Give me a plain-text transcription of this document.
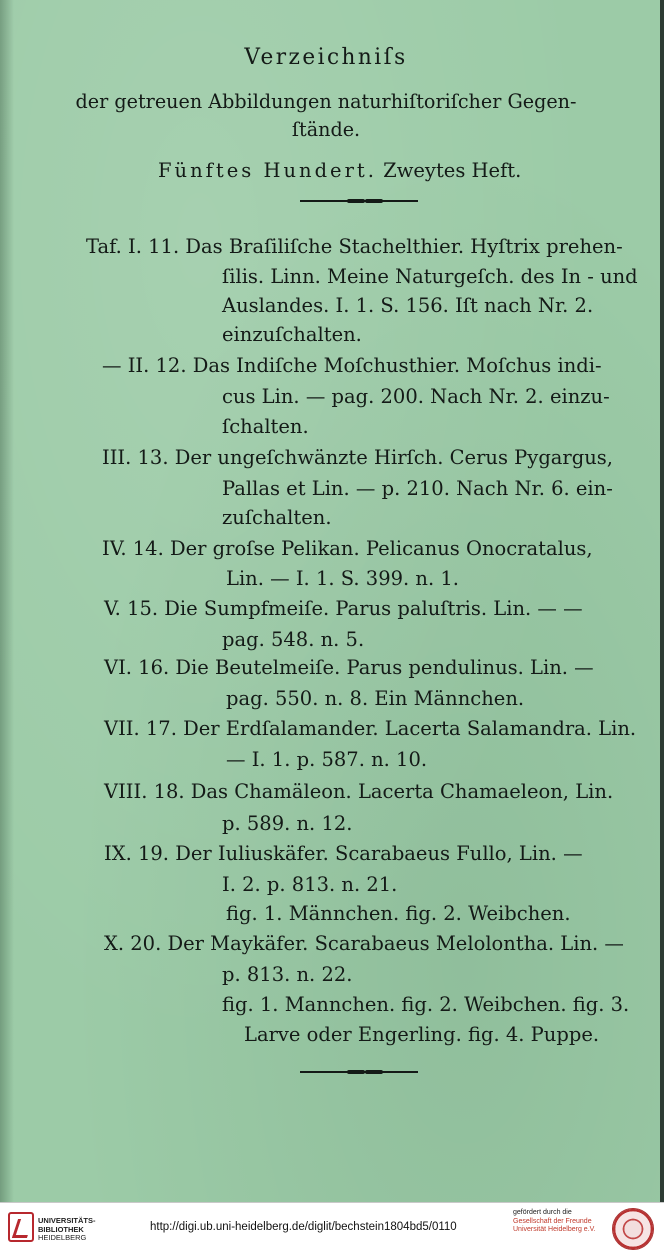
Verzeichniſs
der getreuen Abbildungen naturhiſtoriſcher Gegen-
ſtände.
Fünftes Hundert. Zweytes Heft.
Taf. I. 11. Das Braſiliſche Stachelthier. Hyſtrix prehen-
ſilis. Linn. Meine Naturgeſch. des In - und
Auslandes. I. 1. S. 156. Iſt nach Nr. 2.
einzuſchalten.
— II. 12. Das Indiſche Moſchusthier. Moſchus indi-
cus Lin. — pag. 200. Nach Nr. 2. einzu-
ſchalten.
III. 13. Der ungeſchwänzte Hirſch. Cerus Pygargus,
Pallas et Lin. — p. 210. Nach Nr. 6. ein-
zuſchalten.
IV. 14. Der groſse Pelikan. Pelicanus Onocratalus,
Lin. — I. 1. S. 399. n. 1.
V. 15. Die Sumpfmeiſe. Parus paluſtris. Lin. — —
pag. 548. n. 5.
VI. 16. Die Beutelmeiſe. Parus pendulinus. Lin. —
pag. 550. n. 8. Ein Männchen.
VII. 17. Der Erdſalamander. Lacerta Salamandra. Lin.
— I. 1. p. 587. n. 10.
VIII. 18. Das Chamäleon. Lacerta Chamaeleon, Lin.
p. 589. n. 12.
IX. 19. Der Iuliuskäfer. Scarabaeus Fullo, Lin. —
I. 2. p. 813. n. 21.
fig. 1. Männchen. fig. 2. Weibchen.
X. 20. Der Maykäfer. Scarabaeus Melolontha. Lin. —
p. 813. n. 22.
fig. 1. Mannchen. fig. 2. Weibchen. fig. 3.
Larve oder Engerling. fig. 4. Puppe.
UNIVERSITÄTS-
BIBLIOTHEK
HEIDELBERG
http://digi.ub.uni-heidelberg.de/diglit/bechstein1804bd5/0110
gefördert durch die
Gesellschaft der Freunde
Universität Heidelberg e.V.
